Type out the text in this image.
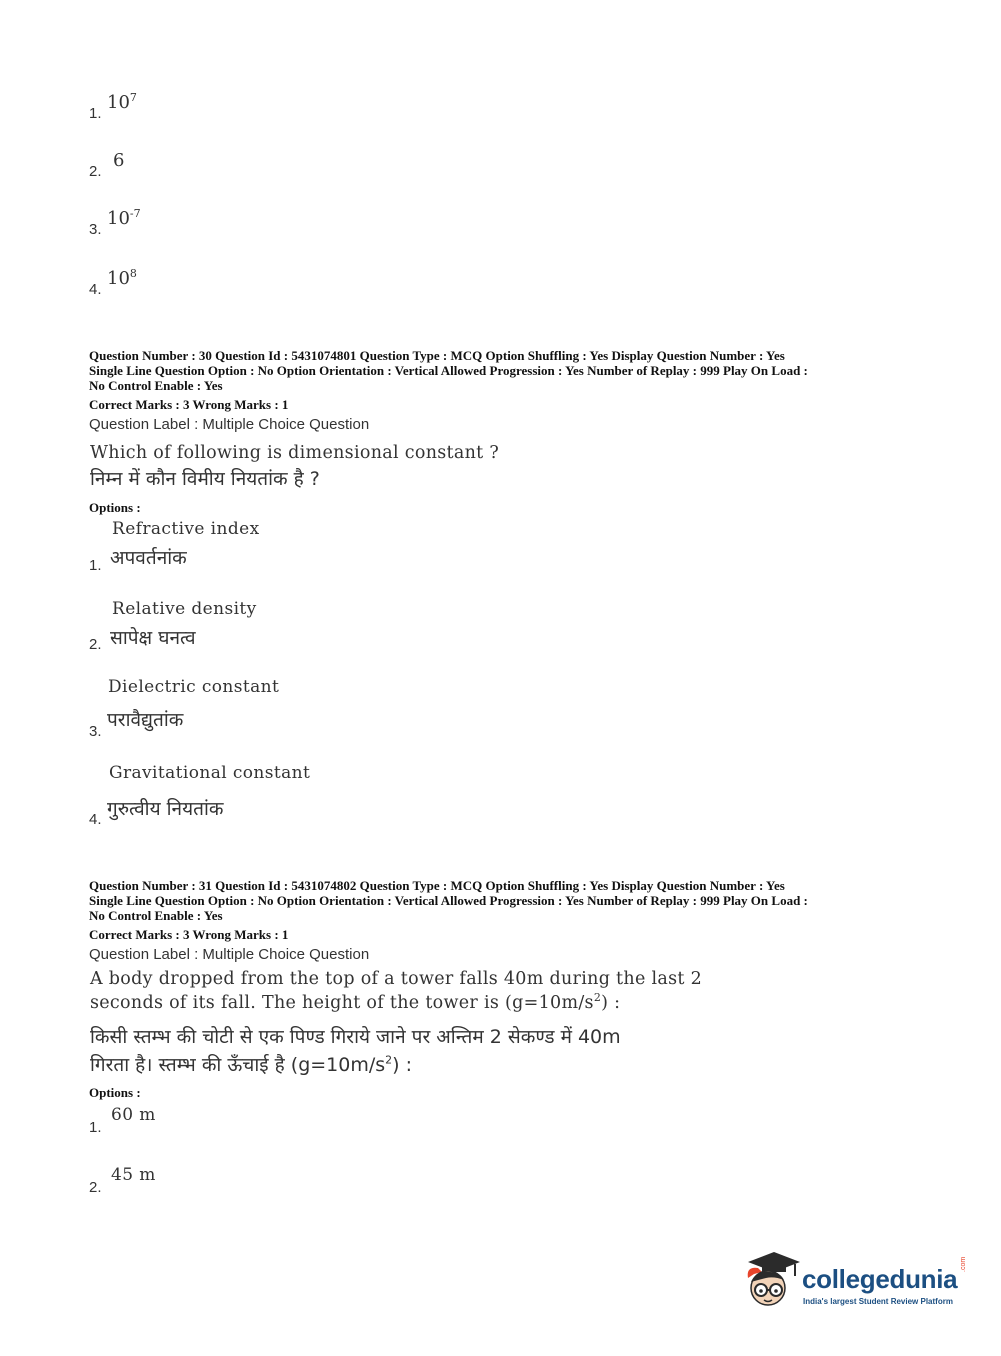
1.
$10^7$
2.
6
3.
$10^{-7}$
4.
$10^8$
Question Number : 30 Question Id : 5431074801 Question Type : MCQ Option Shuffling : Yes Display Question Number : Yes
Single Line Question Option : No Option Orientation : Vertical Allowed Progression : Yes Number of Replay : 999 Play On Load :
No Control Enable : Yes
Correct Marks : 3 Wrong Marks : 1
Question Label : Multiple Choice Question
Which of following is dimensional constant ?
निम्न में कौन विमीय नियतांक है ?
Options :
Refractive index
1. अपवर्तनांक
Relative density
2. सापेक्ष घनत्व
Dielectric constant
3.
परावैद्युतांक
Gravitational constant
4. गुरुत्वीय नियतांक
Question Number : 31 Question Id : 5431074802 Question Type : MCQ Option Shuffling : Yes Display Question Number : Yes
Single Line Question Option : No Option Orientation : Vertical Allowed Progression : Yes Number of Replay : 999 Play On Load :
No Control Enable : Yes
Correct Marks : 3 Wrong Marks : 1
Question Label : Multiple Choice Question
A body dropped from the top of a tower falls 40m during the last 2
seconds of its fall. The height of the tower is $(g=10m/s^2)$ :
किसी स्तम्भ की चोटी से एक पिण्ड गिराये जाने पर अन्तिम 2 सेकण्ड में 40m
गिरता है। स्तम्भ की ऊँचाई है $(g=10m/s^2)$ :
Options :
1.
60 m
2.
45 m
collegedunia .com
India's largest Student Review Platform
